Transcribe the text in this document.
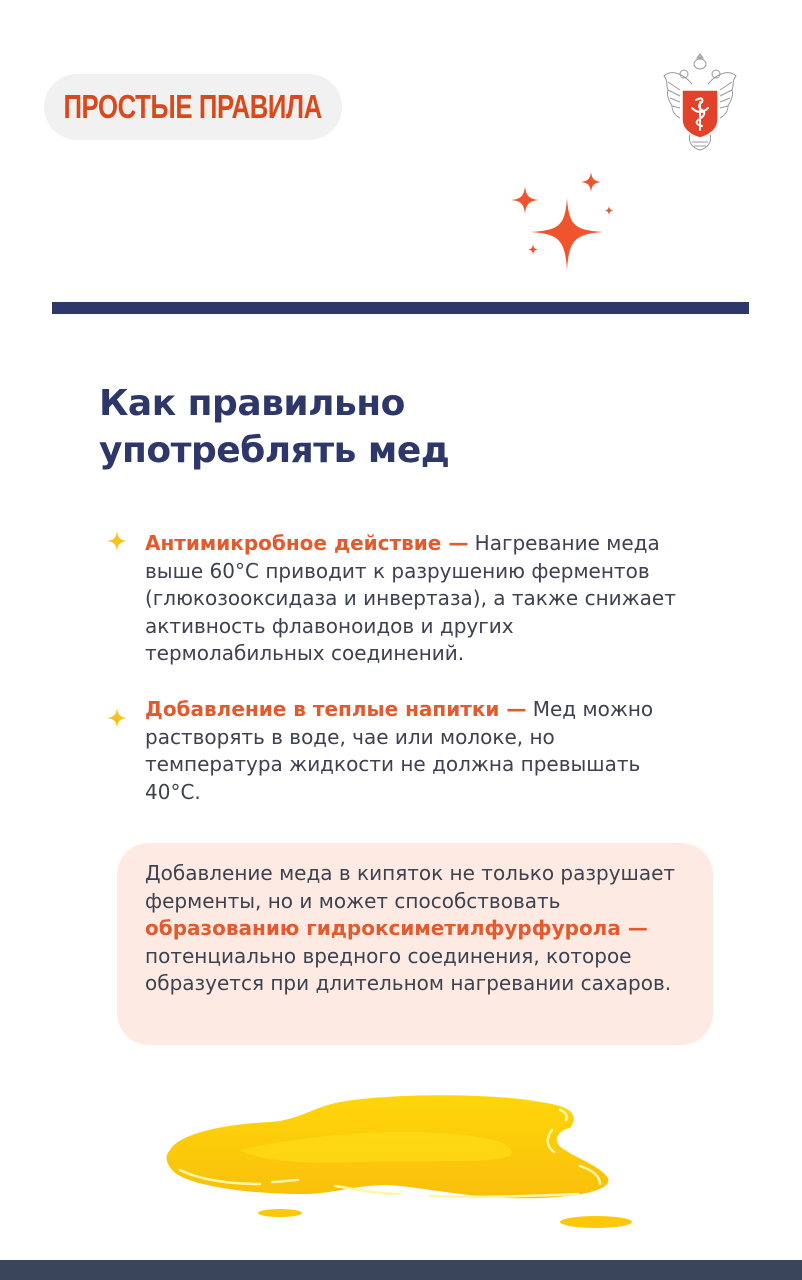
ПРОСТЫЕ ПРАВИЛА
Как правильно
употреблять мед

Антимикробное действие — Нагревание меда выше 60°С приводит к разрушению ферментов (глюкозооксидаза и инвертаза), а также снижает активность флавоноидов и других термолабильных соединений.

Добавление в теплые напитки — Мед можно растворять в воде, чае или молоке, но температура жидкости не должна превышать 40°С.

Добавление меда в кипяток не только разрушает ферменты, но и может способствовать образованию гидроксиметилфурфурола — потенциально вредного соединения, которое образуется при длительном нагревании сахаров.
